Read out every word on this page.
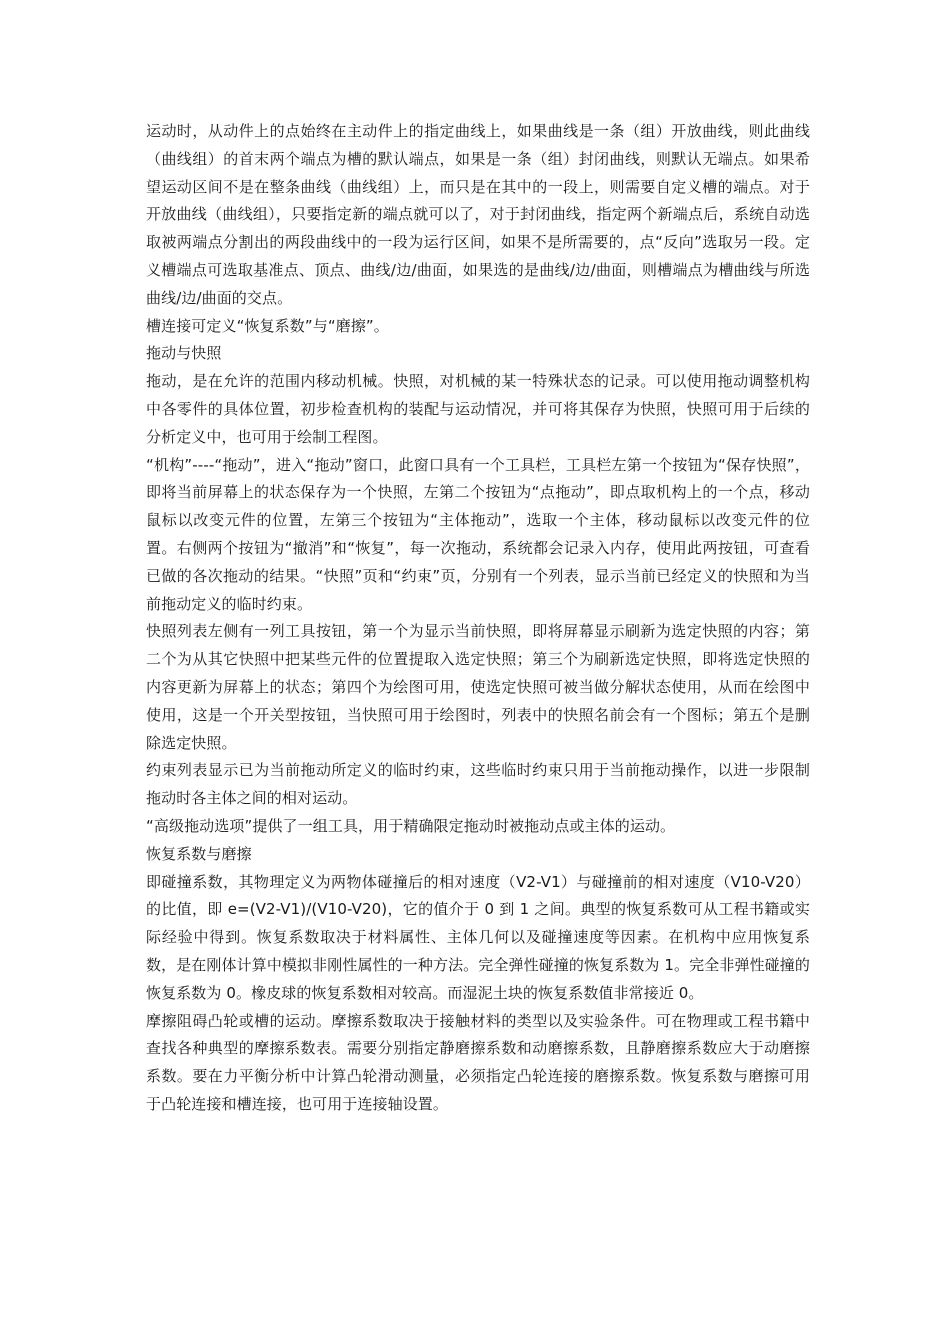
运动时，从动件上的点始终在主动件上的指定曲线上，如果曲线是一条（组）开放曲线，则此曲线（曲线组）的首末两个端点为槽的默认端点，如果是一条（组）封闭曲线，则默认无端点。如果希望运动区间不是在整条曲线（曲线组）上，而只是在其中的一段上，则需要自定义槽的端点。对于开放曲线（曲线组），只要指定新的端点就可以了，对于封闭曲线，指定两个新端点后，系统自动选取被两端点分割出的两段曲线中的一段为运行区间，如果不是所需要的，点“反向”选取另一段。定义槽端点可选取基准点、顶点、曲线/边/曲面，如果选的是曲线/边/曲面，则槽端点为槽曲线与所选曲线/边/曲面的交点。

槽连接可定义“恢复系数”与“磨擦”。

拖动与快照

拖动，是在允许的范围内移动机械。快照，对机械的某一特殊状态的记录。可以使用拖动调整机构中各零件的具体位置，初步检查机构的装配与运动情况，并可将其保存为快照，快照可用于后续的分析定义中，也可用于绘制工程图。

“机构”----“拖动”，进入“拖动”窗口，此窗口具有一个工具栏，工具栏左第一个按钮为“保存快照”，即将当前屏幕上的状态保存为一个快照，左第二个按钮为“点拖动”，即点取机构上的一个点，移动鼠标以改变元件的位置，左第三个按钮为“主体拖动”，选取一个主体，移动鼠标以改变元件的位置。右侧两个按钮为“撤消”和“恢复”，每一次拖动，系统都会记录入内存，使用此两按钮，可查看已做的各次拖动的结果。“快照”页和“约束”页，分别有一个列表，显示当前已经定义的快照和为当前拖动定义的临时约束。

快照列表左侧有一列工具按钮，第一个为显示当前快照，即将屏幕显示刷新为选定快照的内容；第二个为从其它快照中把某些元件的位置提取入选定快照；第三个为刷新选定快照，即将选定快照的内容更新为屏幕上的状态；第四个为绘图可用，使选定快照可被当做分解状态使用，从而在绘图中使用，这是一个开关型按钮，当快照可用于绘图时，列表中的快照名前会有一个图标；第五个是删除选定快照。

约束列表显示已为当前拖动所定义的临时约束，这些临时约束只用于当前拖动操作，以进一步限制拖动时各主体之间的相对运动。

“高级拖动选项”提供了一组工具，用于精确限定拖动时被拖动点或主体的运动。

恢复系数与磨擦

即碰撞系数，其物理定义为两物体碰撞后的相对速度（V2-V1）与碰撞前的相对速度（V10-V20）的比值，即 e=(V2-V1)/(V10-V20)，它的值介于 0 到 1 之间。典型的恢复系数可从工程书籍或实际经验中得到。恢复系数取决于材料属性、主体几何以及碰撞速度等因素。在机构中应用恢复系数，是在刚体计算中模拟非刚性属性的一种方法。完全弹性碰撞的恢复系数为 1。完全非弹性碰撞的恢复系数为 0。橡皮球的恢复系数相对较高。而湿泥土块的恢复系数值非常接近 0。

摩擦阻碍凸轮或槽的运动。摩擦系数取决于接触材料的类型以及实验条件。可在物理或工程书籍中查找各种典型的摩擦系数表。需要分别指定静磨擦系数和动磨擦系数，且静磨擦系数应大于动磨擦系数。要在力平衡分析中计算凸轮滑动测量，必须指定凸轮连接的磨擦系数。恢复系数与磨擦可用于凸轮连接和槽连接，也可用于连接轴设置。
